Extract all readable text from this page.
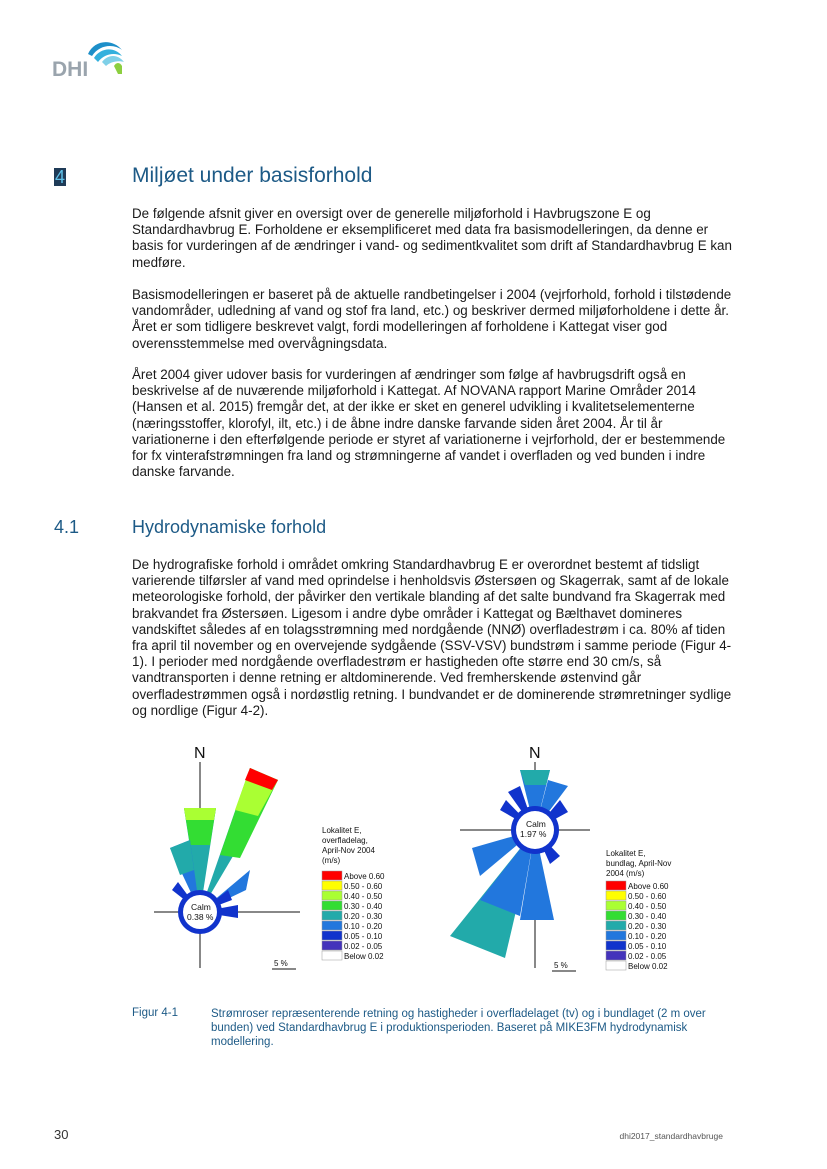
DHI
4	Miljøet under basisforhold

De følgende afsnit giver en oversigt over de generelle miljøforhold i Havbrugszone E og Standardhavbrug E. Forholdene er eksemplificeret med data fra basismodelleringen, da denne er basis for vurderingen af de ændringer i vand- og sedimentkvalitet som drift af Standardhavbrug E kan medføre.

Basismodelleringen er baseret på de aktuelle randbetingelser i 2004 (vejrforhold, forhold i tilstødende vandområder, udledning af vand og stof fra land, etc.) og beskriver dermed miljøforholdene i dette år. Året er som tidligere beskrevet valgt, fordi modelleringen af forholdene i Kattegat viser god overensstemmelse med overvågningsdata.

Året 2004 giver udover basis for vurderingen af ændringer som følge af havbrugsdrift også en beskrivelse af de nuværende miljøforhold i Kattegat. Af NOVANA rapport Marine Områder 2014 (Hansen et al. 2015) fremgår det, at der ikke er sket en generel udvikling i kvalitetselementerne (næringsstoffer, klorofyl, ilt, etc.) i de åbne indre danske farvande siden året 2004. År til år variationerne i den efterfølgende periode er styret af variationerne i vejrforhold, der er bestemmende for fx vinterafstrømningen fra land og strømningerne af vandet i overfladen og ved bunden i indre danske farvande.

4.1	Hydrodynamiske forhold

De hydrografiske forhold i området omkring Standardhavbrug E er overordnet bestemt af tidsligt varierende tilførsler af vand med oprindelse i henholdsvis Østersøen og Skagerrak, samt af de lokale meteorologiske forhold, der påvirker den vertikale blanding af det salte bundvand fra Skagerrak med brakvandet fra Østersøen. Ligesom i andre dybe områder i Kattegat og Bælthavet domineres vandskiftet således af en tolagsstrømning med nordgående (NNØ) overfladestrøm i ca. 80% af tiden fra april til november og en overvejende sydgående (SSV-VSV) bundstrøm i samme periode (Figur 4-1). I perioder med nordgående overfladestrøm er hastigheden ofte større end 30 cm/s, så vandtransporten i denne retning er altdominerende. Ved fremherskende østenvind går overfladestrømmen også i nordøstlig retning. I bundvandet er de dominerende strømretninger sydlige og nordlige (Figur 4-2).

N
Calm
0.38 %
5 %
Lokalitet E,
overfladelag,
April-Nov 2004
(m/s)
Above 0.60
0.50 - 0.60
0.40 - 0.50
0.30 - 0.40
0.20 - 0.30
0.10 - 0.20
0.05 - 0.10
0.02 - 0.05
Below 0.02
N
Calm
1.97 %
5 %
Lokalitet E,
bundlag, April-Nov
2004 (m/s)
Above 0.60
0.50 - 0.60
0.40 - 0.50
0.30 - 0.40
0.20 - 0.30
0.10 - 0.20
0.05 - 0.10
0.02 - 0.05
Below 0.02
Figur 4-1	Strømroser repræsenterende retning og hastigheder i overfladelaget (tv) og i bundlaget (2 m over bunden) ved Standardhavbrug E i produktionsperioden. Baseret på MIKE3FM hydrodynamisk modellering.
30	dhi2017_standardhavbruge
